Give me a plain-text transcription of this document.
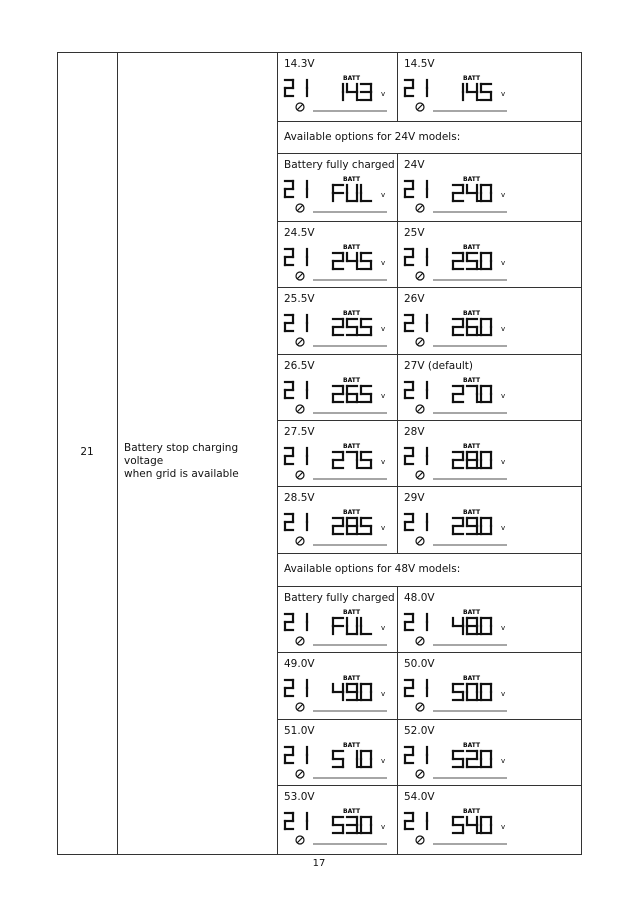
21	Battery stop charging voltage
when grid is available
14.3V
BATT
v
14.5V
BATT
v
Battery fully charged
BATT
v
24V
BATT
v
24.5V
BATT
v
25V
BATT
v
25.5V
BATT
v
26V
BATT
v
26.5V
BATT
v
27V (default)
BATT
v
27.5V
BATT
v
28V
BATT
v
28.5V
BATT
v
29V
BATT
v
Battery fully charged
BATT
v
48.0V
BATT
v
49.0V
BATT
v
50.0V
BATT
v
51.0V
BATT
v
52.0V
BATT
v
53.0V
BATT
v
54.0V
BATT
v
Available options for 24V models:
Available options for 48V models:
17
